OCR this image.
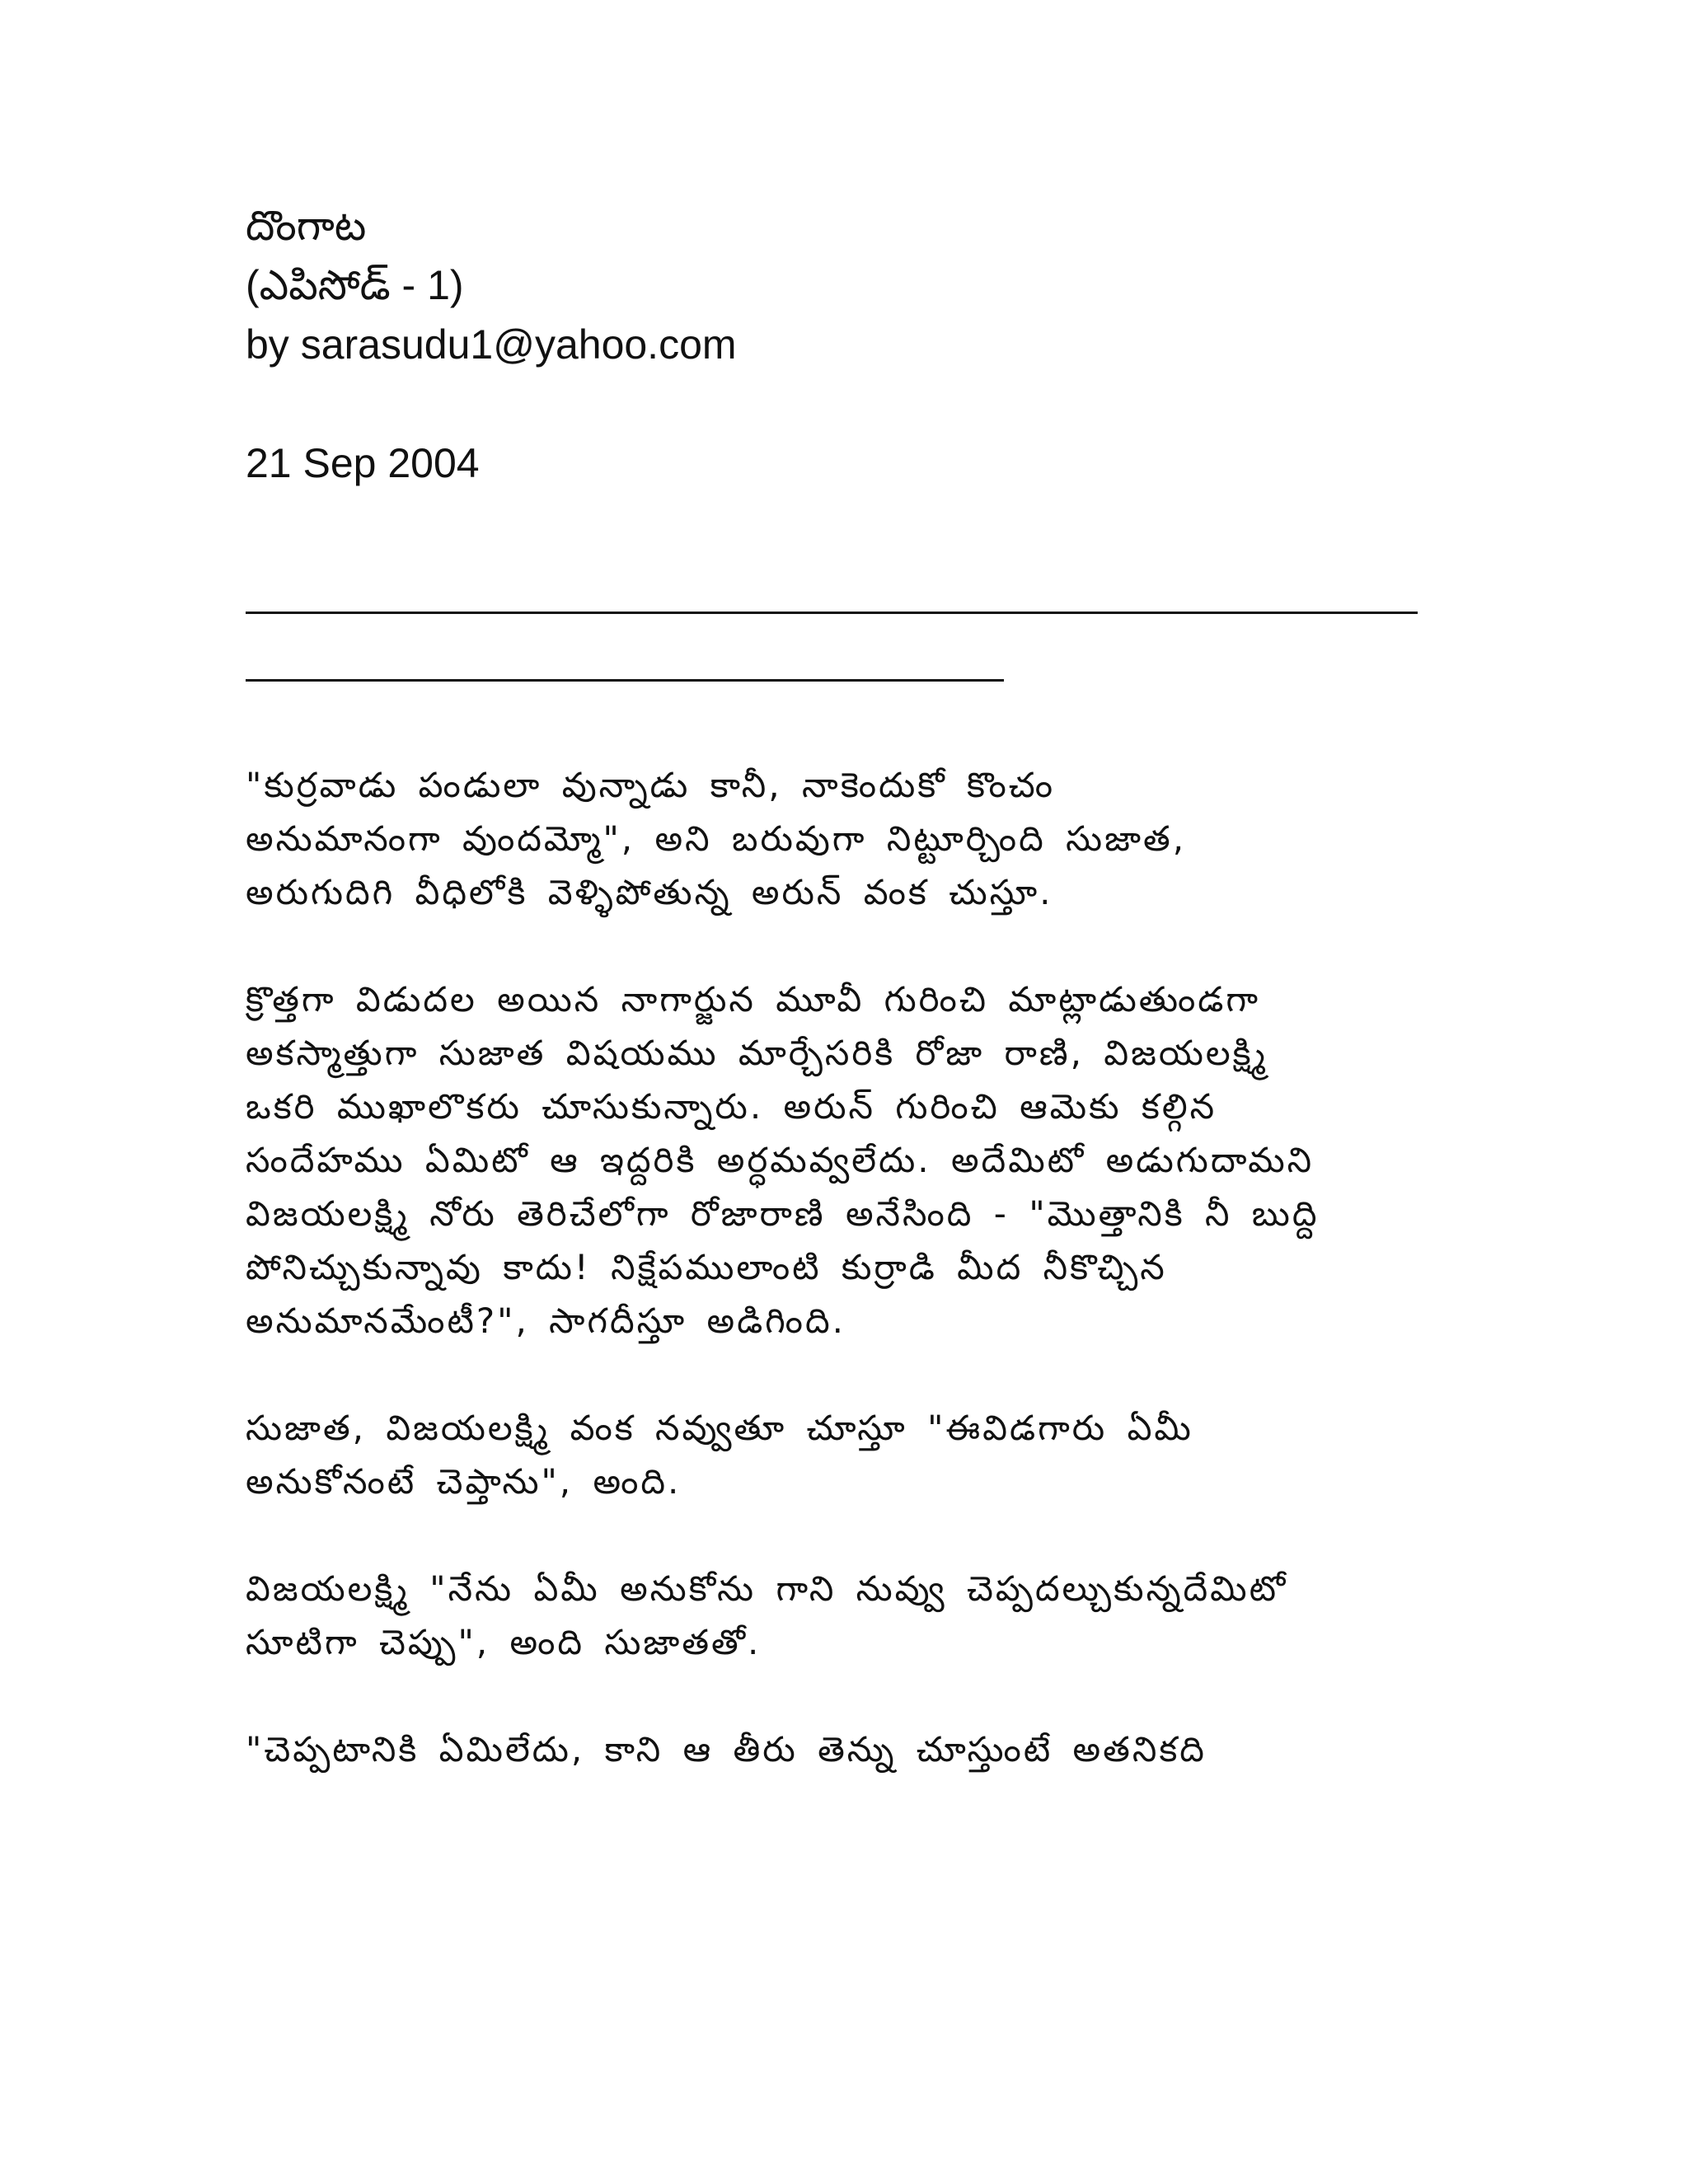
దొంగాట
(ఎపిసోడ్ - 1)
by sarasudu1@yahoo.com
21 Sep 2004
"కుర్రవాడు పండులా వున్నాడు కానీ, నాకెందుకో కొంచం
అనుమానంగా వుందమ్మో", అని బరువుగా నిట్టూర్చింది సుజాత,
అరుగుదిగి వీధిలోకి వెళ్ళిపోతున్న అరున్ వంక చుస్తూ.
క్రొత్తగా విడుదల అయిన నాగార్జున మూవీ గురించి మాట్లాడుతుండగా
అకస్మాత్తుగా సుజాత విషయము మార్చేసరికి రోజా రాణి, విజయలక్ష్మి
ఒకరి ముఖాలొకరు చూసుకున్నారు. అరున్ గురించి ఆమెకు కల్గిన
సందేహము ఏమిటో ఆ ఇద్దరికి అర్ధమవ్వలేదు. అదేమిటో అడుగుదామని
విజయలక్ష్మి నోరు తెరిచేలోగా రోజారాణి అనేసింది - "మొత్తానికి నీ బుద్ది
పోనిచ్చుకున్నావు కాదు! నిక్షేపములాంటి కుర్రాడి మీద నీకొచ్చిన
అనుమానమేంటీ?", సాగదీస్తూ అడిగింది.
సుజాత, విజయలక్ష్మి వంక నవ్వుతూ చూస్తూ "ఈవిడగారు ఏమీ
అనుకోనంటే చెప్తాను", అంది.
విజయలక్ష్మి "నేను ఏమీ అనుకోను గాని నువ్వు చెప్పదల్చుకున్నదేమిటో
సూటిగా చెప్పు", అంది సుజాతతో.
"చెప్పటానికి ఏమిలేదు, కాని ఆ తీరు తెన్ను చూస్తుంటే అతనికది
